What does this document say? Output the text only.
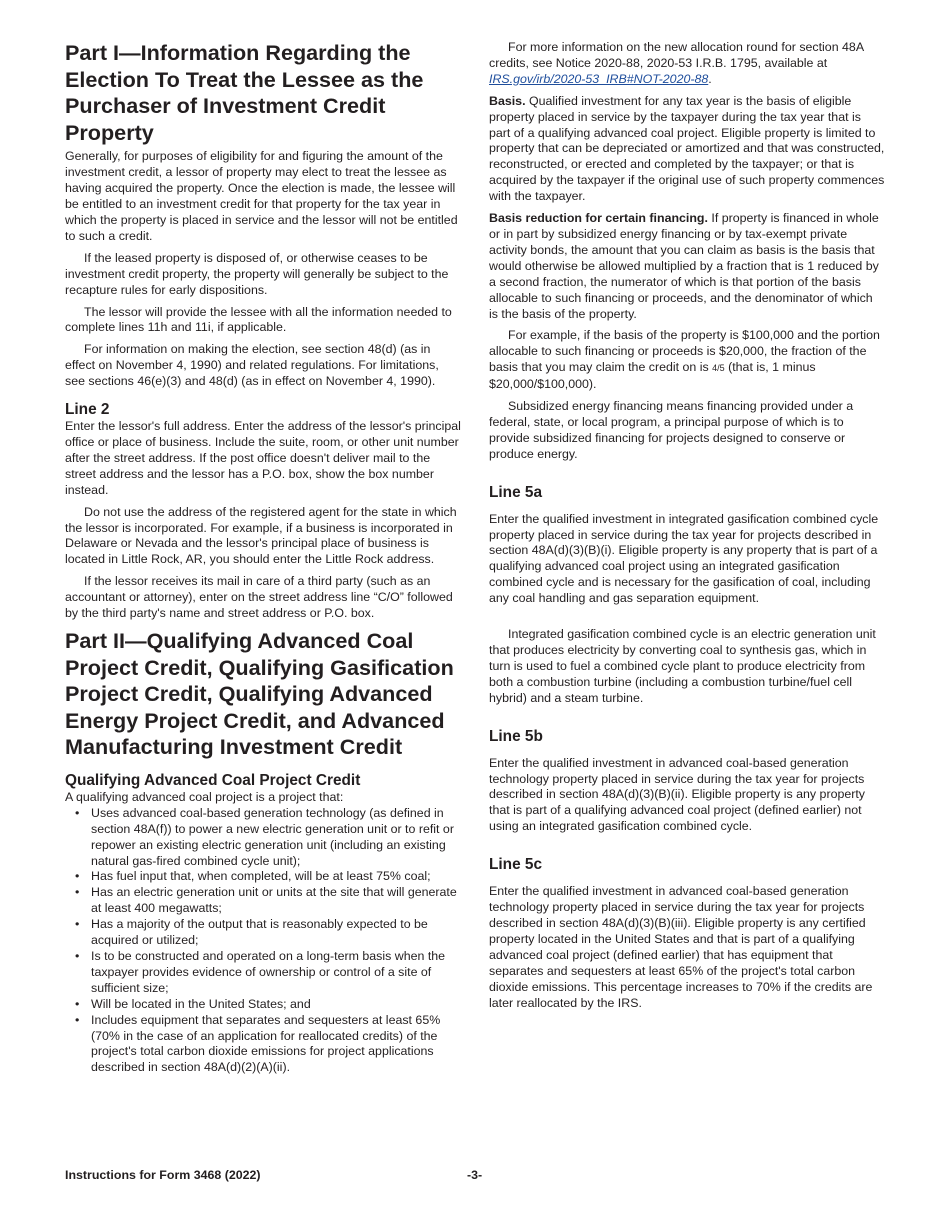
Part I—Information Regarding the Election To Treat the Lessee as the Purchaser of Investment Credit Property

Generally, for purposes of eligibility for and figuring the amount of the investment credit, a lessor of property may elect to treat the lessee as having acquired the property. Once the election is made, the lessee will be entitled to an investment credit for that property for the tax year in which the property is placed in service and the lessor will not be entitled to such a credit.

If the leased property is disposed of, or otherwise ceases to be investment credit property, the property will generally be subject to the recapture rules for early dispositions.

The lessor will provide the lessee with all the information needed to complete lines 11h and 11i, if applicable.

For information on making the election, see section 48(d) (as in effect on November 4, 1990) and related regulations. For limitations, see sections 46(e)(3) and 48(d) (as in effect on November 4, 1990).

Line 2

Enter the lessor's full address. Enter the address of the lessor's principal office or place of business. Include the suite, room, or other unit number after the street address. If the post office doesn't deliver mail to the street address and the lessor has a P.O. box, show the box number instead.

Do not use the address of the registered agent for the state in which the lessor is incorporated. For example, if a business is incorporated in Delaware or Nevada and the lessor's principal place of business is located in Little Rock, AR, you should enter the Little Rock address.

If the lessor receives its mail in care of a third party (such as an accountant or attorney), enter on the street address line “C/O” followed by the third party's name and street address or P.O. box.

Part II—Qualifying Advanced Coal Project Credit, Qualifying Gasification Project Credit, Qualifying Advanced Energy Project Credit, and Advanced Manufacturing Investment Credit
Qualifying Advanced Coal Project Credit

A qualifying advanced coal project is a project that:

• Uses advanced coal-based generation technology (as defined in section 48A(f)) to power a new electric generation unit or to refit or repower an existing electric generation unit (including an existing natural gas-fired combined cycle unit);
• Has fuel input that, when completed, will be at least 75% coal;
• Has an electric generation unit or units at the site that will generate at least 400 megawatts;
• Has a majority of the output that is reasonably expected to be acquired or utilized;
• Is to be constructed and operated on a long-term basis when the taxpayer provides evidence of ownership or control of a site of sufficient size;
• Will be located in the United States; and
• Includes equipment that separates and sequesters at least 65% (70% in the case of an application for reallocated credits) of the project's total carbon dioxide emissions for project applications described in section 48A(d)(2)(A)(ii).

For more information on the new allocation round for section 48A credits, see Notice 2020-88, 2020-53 I.R.B. 1795, available at IRS.gov/irb/2020-53_IRB#NOT-2020-88.

Basis. Qualified investment for any tax year is the basis of eligible property placed in service by the taxpayer during the tax year that is part of a qualifying advanced coal project. Eligible property is limited to property that can be depreciated or amortized and that was constructed, reconstructed, or erected and completed by the taxpayer; or that is acquired by the taxpayer if the original use of such property commences with the taxpayer.

Basis reduction for certain financing. If property is financed in whole or in part by subsidized energy financing or by tax-exempt private activity bonds, the amount that you can claim as basis is the basis that would otherwise be allowed multiplied by a fraction that is 1 reduced by a second fraction, the numerator of which is that portion of the basis allocable to such financing or proceeds, and the denominator of which is the basis of the property.

For example, if the basis of the property is $100,000 and the portion allocable to such financing or proceeds is $20,000, the fraction of the basis that you may claim the credit on is 4/5 (that is, 1 minus $20,000/$100,000).

Subsidized energy financing means financing provided under a federal, state, or local program, a principal purpose of which is to provide subsidized financing for projects designed to conserve or produce energy.

Line 5a

Enter the qualified investment in integrated gasification combined cycle property placed in service during the tax year for projects described in section 48A(d)(3)(B)(i). Eligible property is any property that is part of a qualifying advanced coal project using an integrated gasification combined cycle and is necessary for the gasification of coal, including any coal handling and gas separation equipment.

Integrated gasification combined cycle is an electric generation unit that produces electricity by converting coal to synthesis gas, which in turn is used to fuel a combined cycle plant to produce electricity from both a combustion turbine (including a combustion turbine/fuel cell hybrid) and a steam turbine.

Line 5b

Enter the qualified investment in advanced coal-based generation technology property placed in service during the tax year for projects described in section 48A(d)(3)(B)(ii). Eligible property is any property that is part of a qualifying advanced coal project (defined earlier) not using an integrated gasification combined cycle.

Line 5c

Enter the qualified investment in advanced coal-based generation technology property placed in service during the tax year for projects described in section 48A(d)(3)(B)(iii). Eligible property is any certified property located in the United States and that is part of a qualifying advanced coal project (defined earlier) that has equipment that separates and sequesters at least 65% of the project's total carbon dioxide emissions. This percentage increases to 70% if the credits are later reallocated by the IRS.

Instructions for Form 3468 (2022)	-3-
